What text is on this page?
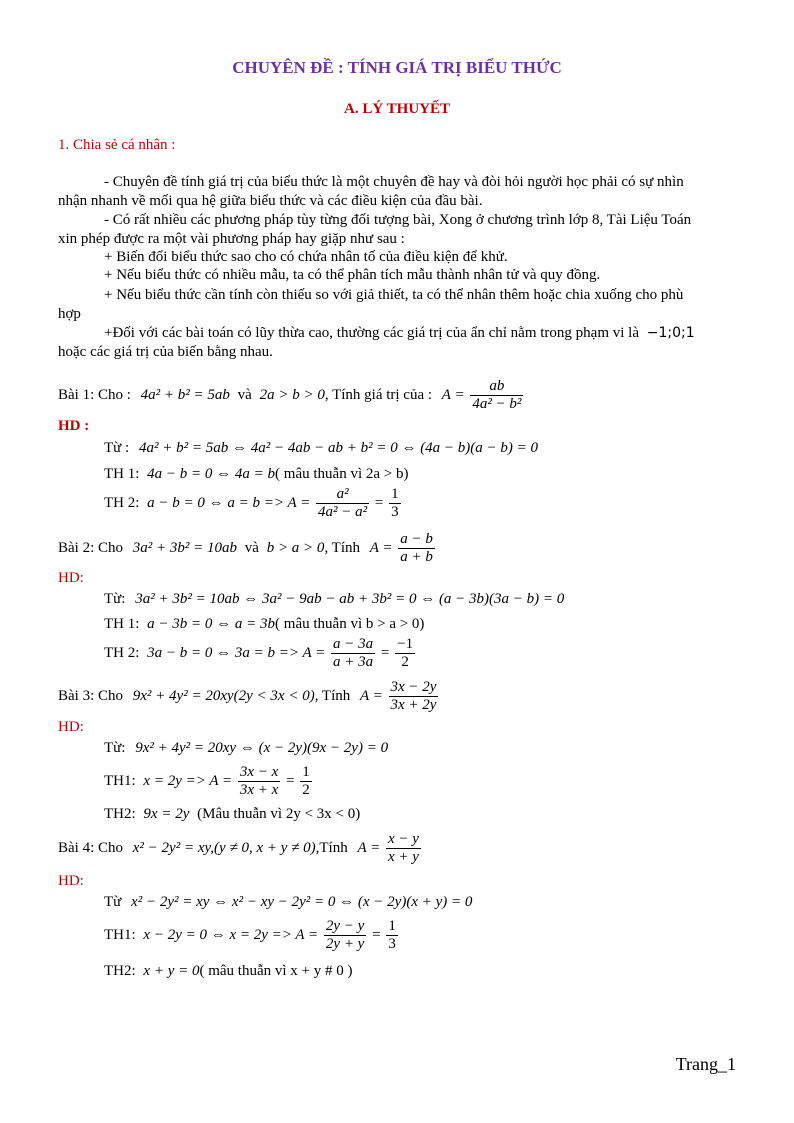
CHUYÊN ĐỀ : TÍNH GIÁ TRỊ BIỂU THỨC
A. LÝ THUYẾT
1. Chia sẻ cá nhân :
- Chuyên đề tính giá trị của biểu thức là một chuyên đề hay và đòi hỏi người học phải có sự nhìn
nhận nhanh về mối qua hệ giữa biểu thức và các điều kiện của đầu bài.
- Có rất nhiều các phương pháp tùy từng đối tượng bài, Xong ở chương trình lớp 8, Tài Liệu Toán
xin phép được ra một vài phương pháp hay giặp như sau :
+ Biến đổi biểu thức sao cho có chứa nhân tố của điều kiện để khử.
+ Nếu biểu thức có nhiều mẫu, ta có thể phân tích mẫu thành nhân tử và quy đồng.
+ Nếu biểu thức cần tính còn thiếu so với giả thiết, ta có thể nhân thêm hoặc chia xuống cho phù
hợp
+Đối với các bài toán có lũy thừa cao, thường các giá trị của ẩn chỉ nằm trong phạm vi là −1;0;1
hoặc các giá trị của biến bằng nhau.
Bài 1: Cho : 4a² + b² = 5ab và 2a > b > 0, Tính giá trị của : $A = \frac{ab}{\text{4a² − b²}}$
HD :
Từ : 4a² + b² = 5ab ⇔ 4a² − 4ab − ab + b² = 0 ⇔ (4a − b)(a − b) = 0
TH 1: 4a − b = 0 ⇔ 4a = b( mâu thuẫn vì 2a > b)
TH 2: a − b = 0 ⇔ $a = b => A = \frac{\text{a²}}{\text{4a² − a²}} = \frac{1}{3}$
Bài 2: Cho 3a² + 3b² = 10ab và b > a > 0, Tính $A = \frac{a - b}{a + b}$
HD:
Từ: 3a² + 3b² = 10ab ⇔ 3a² − 9ab − ab + 3b² = 0 ⇔ (a − 3b)(3a − b) = 0
TH 1: a − 3b = 0 ⇔ a = 3b( mâu thuẫn vì b > a > 0)
TH 2: 3a − b = 0 ⇔ $3a = b => A = \frac{a - 3a}{a + 3a} = \frac{-1}{2}$
Bài 3: Cho 9x² + 4y² = 20xy(2y < 3x < 0), Tính $A = \frac{3x - 2y}{3x + 2y}$
HD:
Từ: 9x² + 4y² = 20xy ⇔ (x − 2y)(9x − 2y) = 0
TH1: $x = 2y => A = \frac{3x - x}{3x + x} = \frac{1}{2}$
TH2: 9x = 2y (Mâu thuẫn vì 2y < 3x < 0)
Bài 4: Cho x² − 2y² = xy,(y ≠ 0, x + y ≠ 0),Tính $A = \frac{x - y}{x + y}$
HD:
Từ x² − 2y² = xy ⇔ x² − xy − 2y² = 0 ⇔ (x − 2y)(x + y) = 0
TH1: x − 2y = 0 ⇔ $x = 2y => A = \frac{2y - y}{2y + y} = \frac{1}{3}$
TH2: x + y = 0( mâu thuẫn vì x + y # 0 )
Trang_1
